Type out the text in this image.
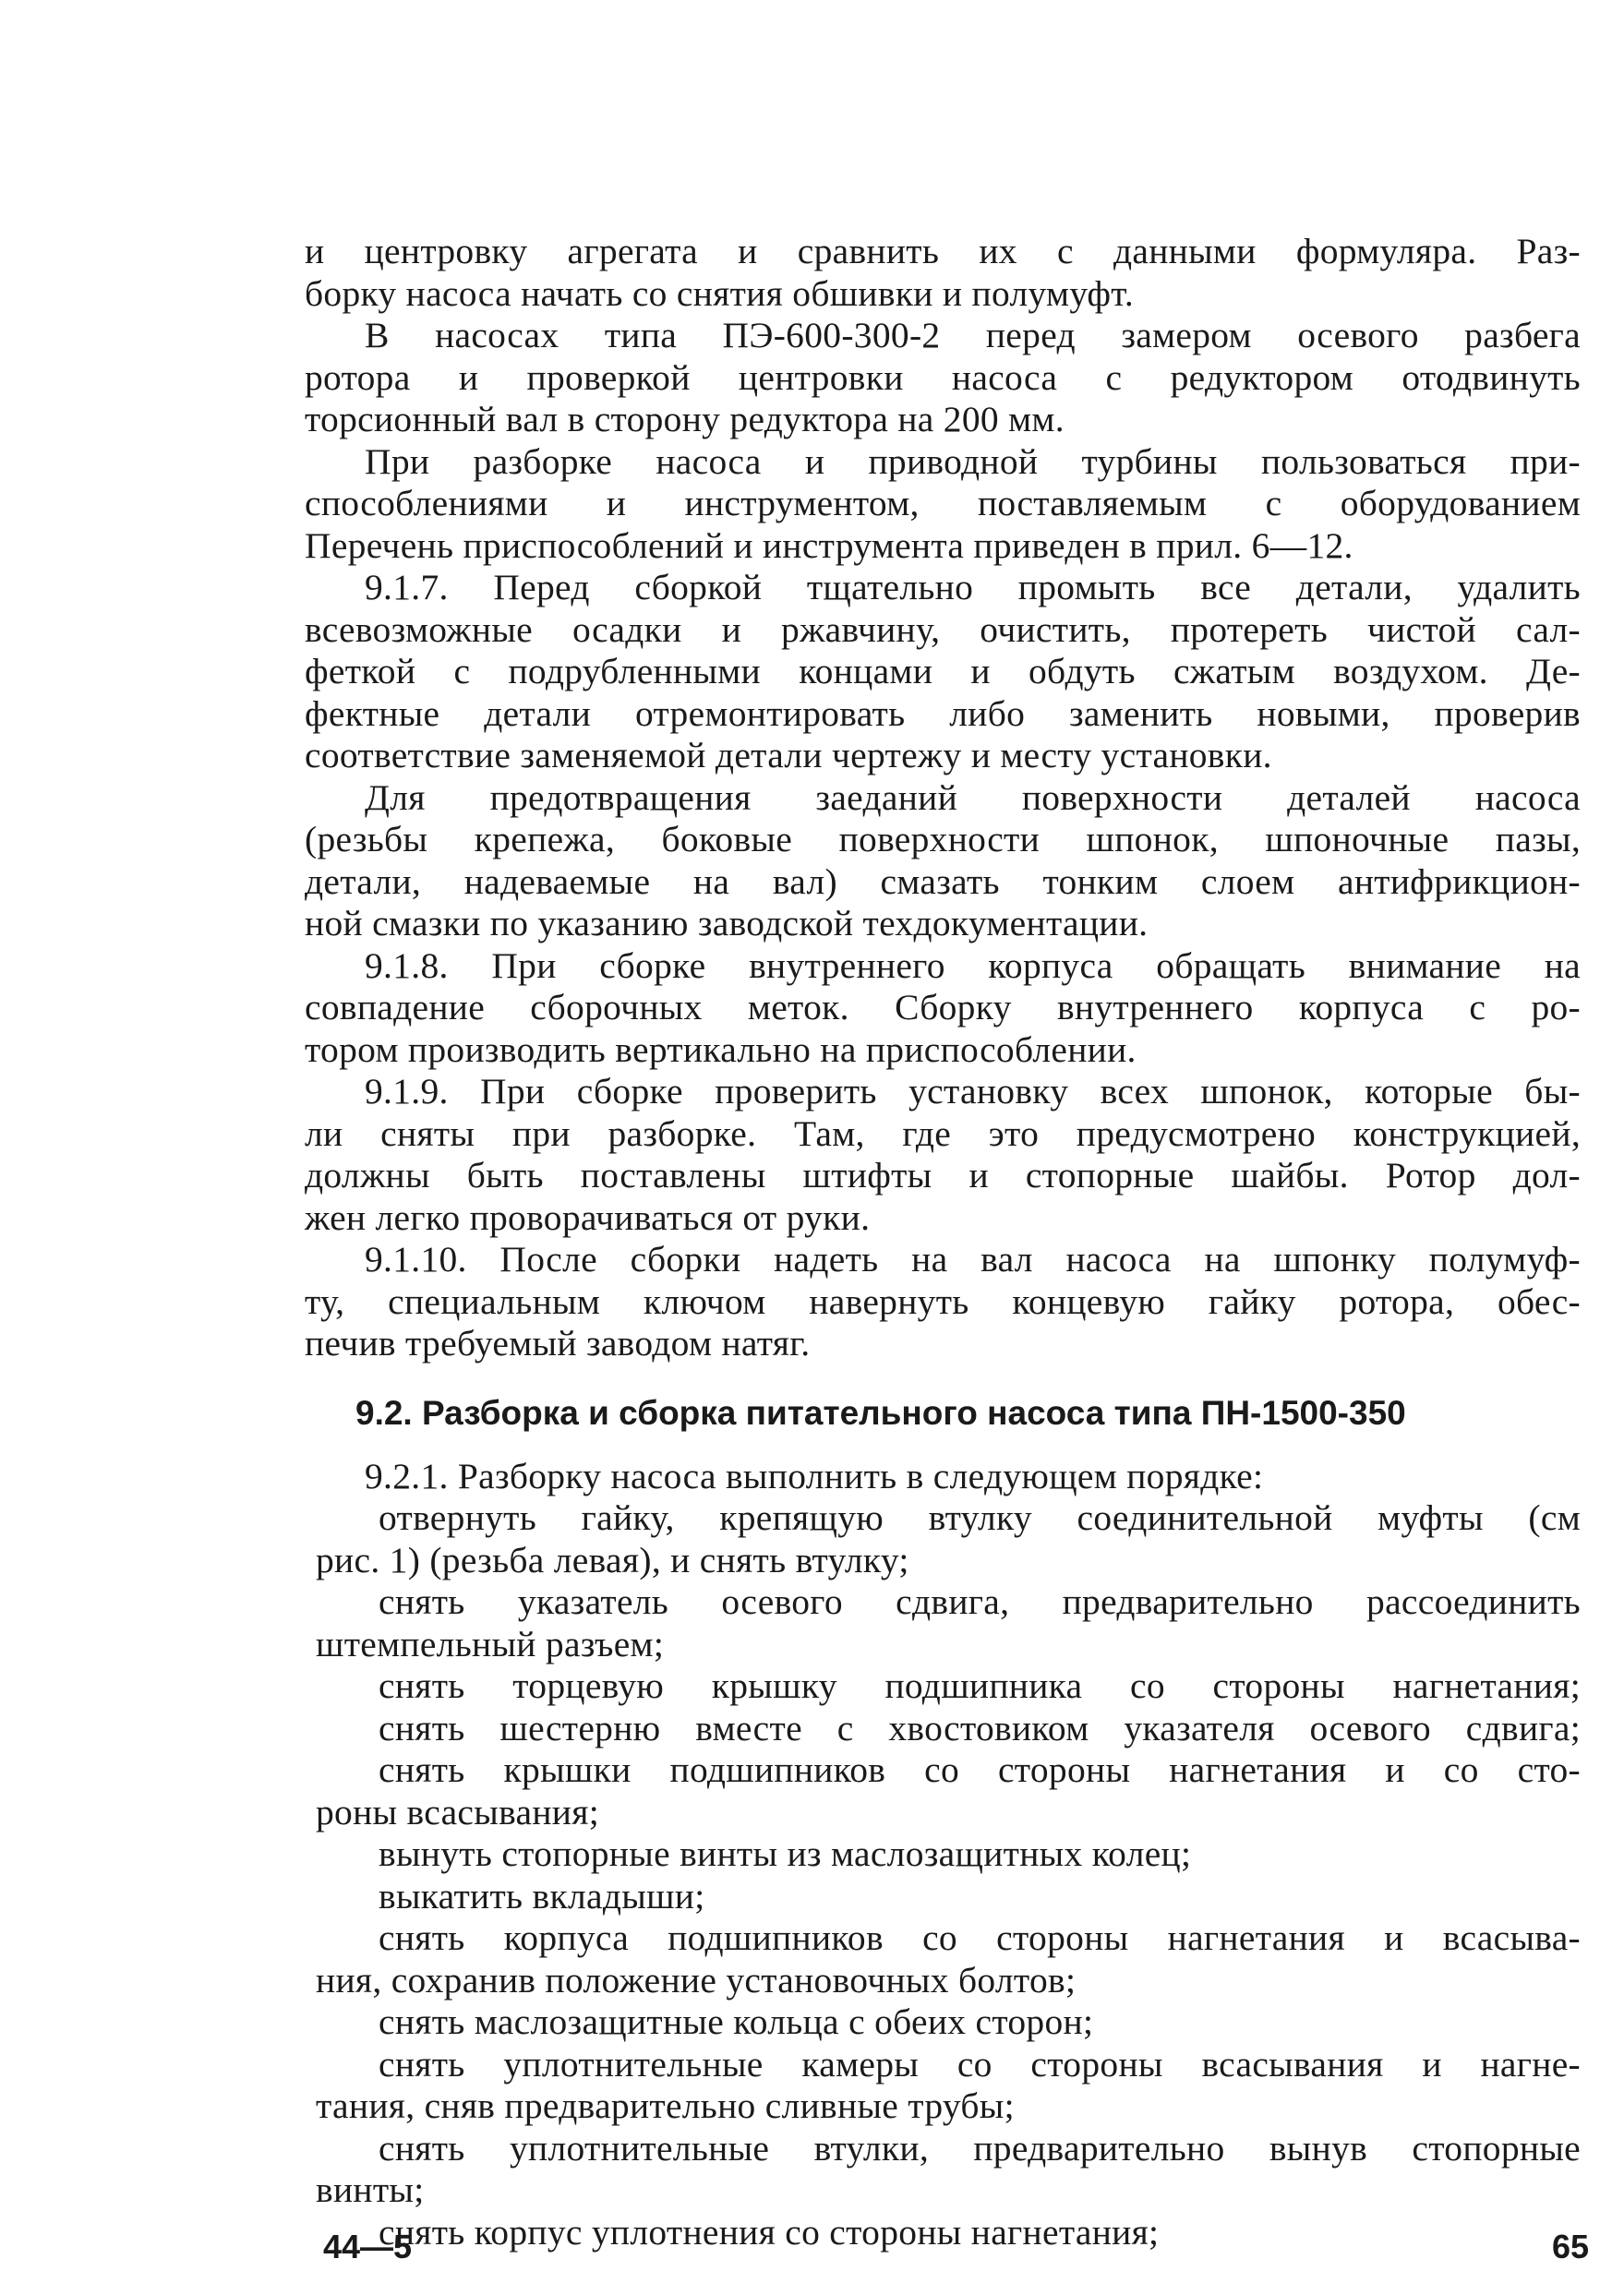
и центровку агрегата и сравнить их с данными формуляра. Раз-
борку насоса начать со снятия обшивки и полумуфт.
В насосах типа ПЭ-600-300-2 перед замером осевого разбега
ротора и проверкой центровки насоса с редуктором отодвинуть
торсионный вал в сторону редуктора на 200 мм.
При разборке насоса и приводной турбины пользоваться при-
способлениями и инструментом, поставляемым с оборудованием
Перечень приспособлений и инструмента приведен в прил. 6—12.
9.1.7. Перед сборкой тщательно промыть все детали, удалить
всевозможные осадки и ржавчину, очистить, протереть чистой сал-
феткой с подрубленными концами и обдуть сжатым воздухом. Де-
фектные детали отремонтировать либо заменить новыми, проверив
соответствие заменяемой детали чертежу и месту установки.
Для предотвращения заеданий поверхности деталей насоса
(резьбы крепежа, боковые поверхности шпонок, шпоночные пазы,
детали, надеваемые на вал) смазать тонким слоем антифрикцион-
ной смазки по указанию заводской техдокументации.
9.1.8. При сборке внутреннего корпуса обращать внимание на
совпадение сборочных меток. Сборку внутреннего корпуса с ро-
тором производить вертикально на приспособлении.
9.1.9. При сборке проверить установку всех шпонок, которые бы-
ли сняты при разборке. Там, где это предусмотрено конструкцией,
должны быть поставлены штифты и стопорные шайбы. Ротор дол-
жен легко проворачиваться от руки.
9.1.10. После сборки надеть на вал насоса на шпонку полумуф-
ту, специальным ключом навернуть концевую гайку ротора, обес-
печив требуемый заводом натяг.
9.2. Разборка и сборка питательного насоса типа ПН-1500-350
9.2.1. Разборку насоса выполнить в следующем порядке:
отвернуть гайку, крепящую втулку соединительной муфты (см
рис. 1) (резьба левая), и снять втулку;
снять указатель осевого сдвига, предварительно рассоединить
штемпельный разъем;
снять торцевую крышку подшипника со стороны нагнетания;
снять шестерню вместе с хвостовиком указателя осевого сдвига;
снять крышки подшипников со стороны нагнетания и со сто-
роны всасывания;
вынуть стопорные винты из маслозащитных колец;
выкатить вкладыши;
снять корпуса подшипников со стороны нагнетания и всасыва-
ния, сохранив положение установочных болтов;
снять маслозащитные кольца с обеих сторон;
снять уплотнительные камеры со стороны всасывания и нагне-
тания, сняв предварительно сливные трубы;
снять уплотнительные втулки, предварительно вынув стопорные
винты;
снять корпус уплотнения со стороны нагнетания;
44—5	65
